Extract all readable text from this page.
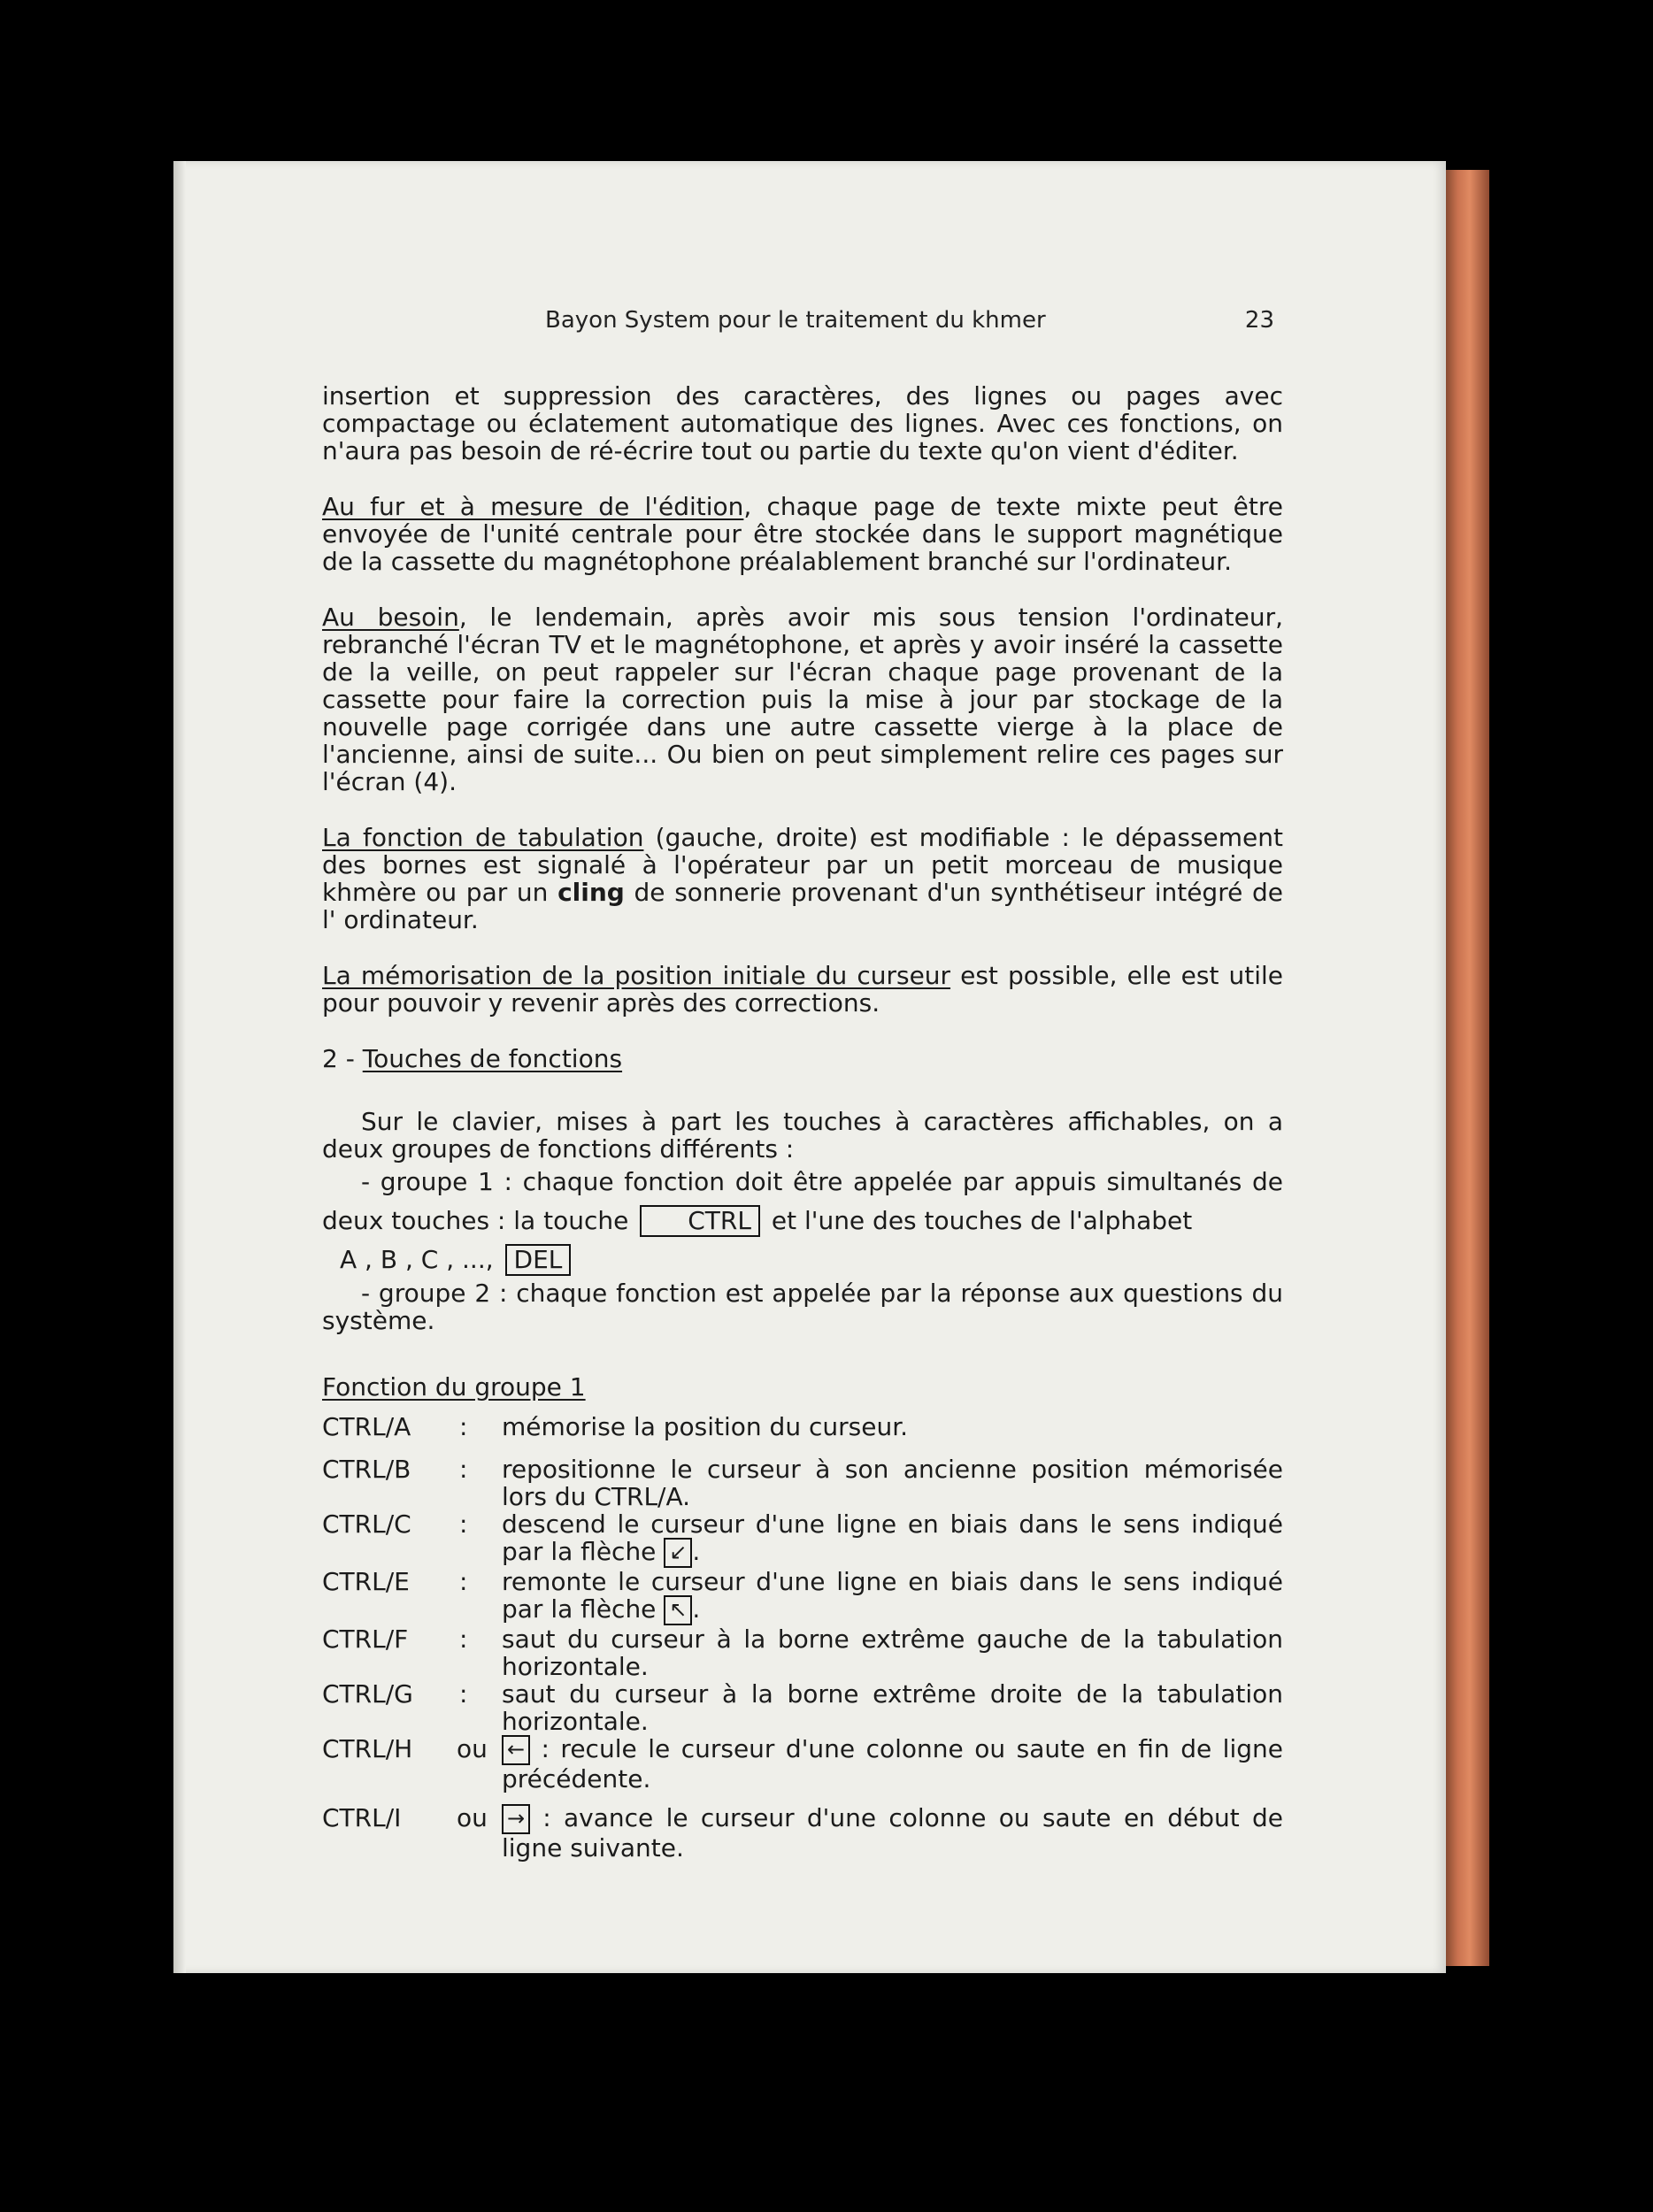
Bayon System pour le traitement du khmer	23

insertion et suppression des caractères, des lignes ou pages avec compactage ou éclatement automatique des lignes. Avec ces fonctions, on n'aura pas besoin de ré-écrire tout ou partie du texte qu'on vient d'éditer.

Au fur et à mesure de l'édition, chaque page de texte mixte peut être envoyée de l'unité centrale pour être stockée dans le support magnétique de la cassette du magnétophone préalablement branché sur l'ordinateur.

Au besoin, le lendemain, après avoir mis sous tension l'ordinateur, rebranché l'écran TV et le magnétophone, et après y avoir inséré la cassette de la veille, on peut rappeler sur l'écran chaque page provenant de la cassette pour faire la correction puis la mise à jour par stockage de la nouvelle page corrigée dans une autre cassette vierge à la place de l'ancienne, ainsi de suite... Ou bien on peut simplement relire ces pages sur l'écran (4).

La fonction de tabulation (gauche, droite) est modifiable : le dépassement des bornes est signalé à l'opérateur par un petit morceau de musique khmère ou par un cling de sonnerie provenant d'un synthétiseur intégré de l' ordinateur.

La mémorisation de la position initiale du curseur est possible, elle est utile pour pouvoir y revenir après des corrections.

2 - Touches de fonctions

Sur le clavier, mises à part les touches à caractères affichables, on a deux groupes de fonctions différents :

- groupe 1 : chaque fonction doit être appelée par appuis simultanés de deux touches : la touche CTRL et l'une des touches de l'alphabet

A , B , C , ..., DEL

- groupe 2 : chaque fonction est appelée par la réponse aux questions du système.

Fonction du groupe 1

CTRL/A	: mémorise la position du curseur.
CTRL/B	: repositionne le curseur à son ancienne position mémorisée lors du CTRL/A.
CTRL/C	: descend le curseur d'une ligne en biais dans le sens indiqué par la flèche ↙ .
CTRL/E	: remonte le curseur d'une ligne en biais dans le sens indiqué par la flèche ↖ .
CTRL/F	: saut du curseur à la borne extrême gauche de la tabulation horizontale.
CTRL/G	: saut du curseur à la borne extrême droite de la tabulation horizontale.
CTRL/H	ou ← : recule le curseur d'une colonne ou saute en fin de ligne précédente.
CTRL/I	ou → : avance le curseur d'une colonne ou saute en début de ligne suivante.
